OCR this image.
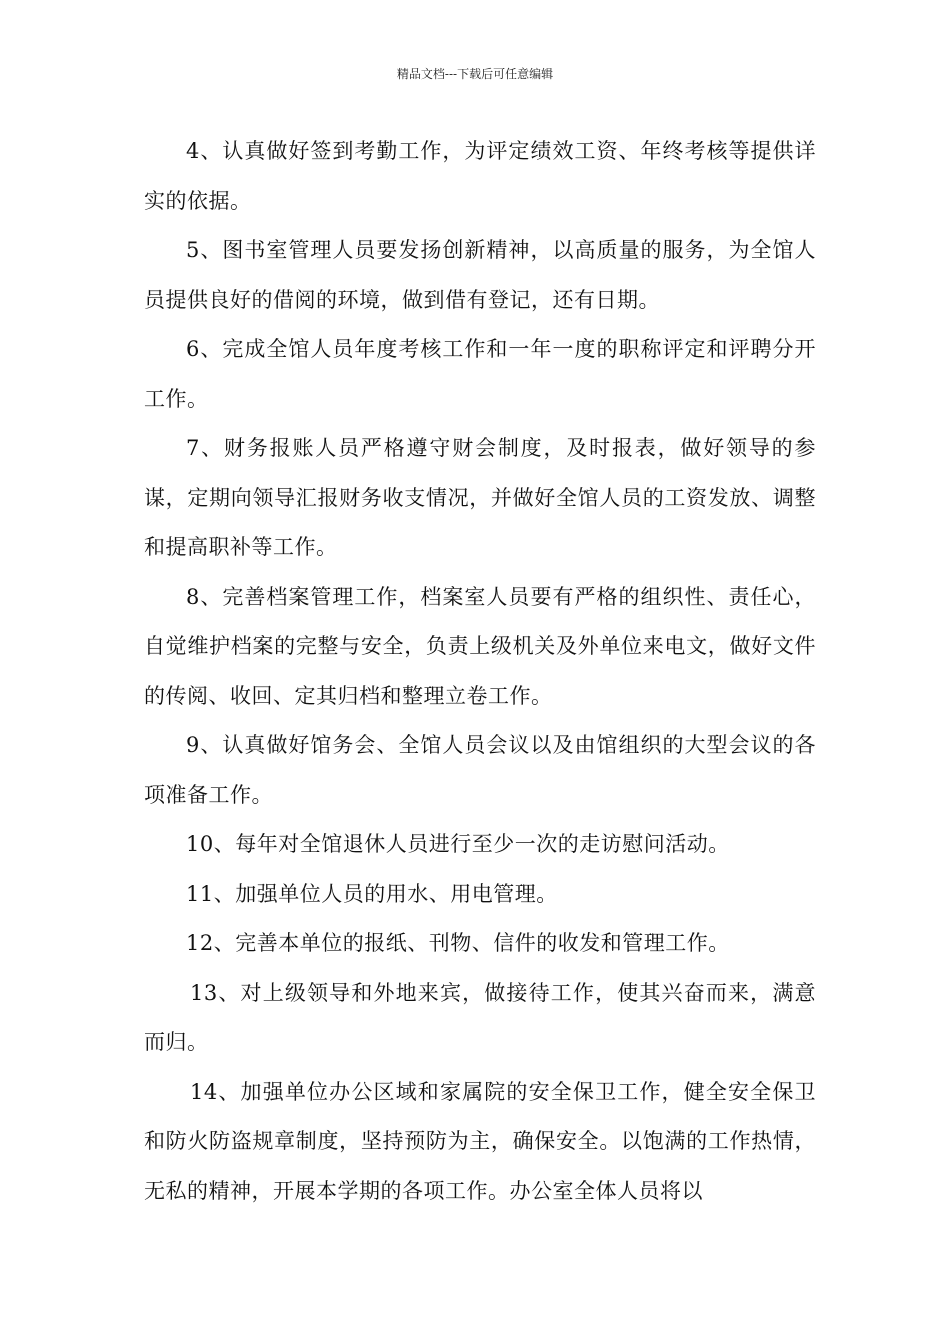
精品文档---下载后可任意编辑

4、认真做好签到考勤工作，为评定绩效工资、年终考核等提供详实的依据。

5、图书室管理人员要发扬创新精神，以高质量的服务，为全馆人员提供良好的借阅的环境，做到借有登记，还有日期。

6、完成全馆人员年度考核工作和一年一度的职称评定和评聘分开工作。

7、财务报账人员严格遵守财会制度，及时报表，做好领导的参谋，定期向领导汇报财务收支情况，并做好全馆人员的工资发放、调整和提高职补等工作。

8、完善档案管理工作，档案室人员要有严格的组织性、责任心，自觉维护档案的完整与安全，负责上级机关及外单位来电文，做好文件的传阅、收回、定其归档和整理立卷工作。

9、认真做好馆务会、全馆人员会议以及由馆组织的大型会议的各项准备工作。

10、每年对全馆退休人员进行至少一次的走访慰问活动。

11、加强单位人员的用水、用电管理。

12、完善本单位的报纸、刊物、信件的收发和管理工作。

13、对上级领导和外地来宾，做接待工作，使其兴奋而来，满意而归。

14、加强单位办公区域和家属院的安全保卫工作，健全安全保卫和防火防盗规章制度，坚持预防为主，确保安全。以饱满的工作热情，无私的精神，开展本学期的各项工作。办公室全体人员将以
